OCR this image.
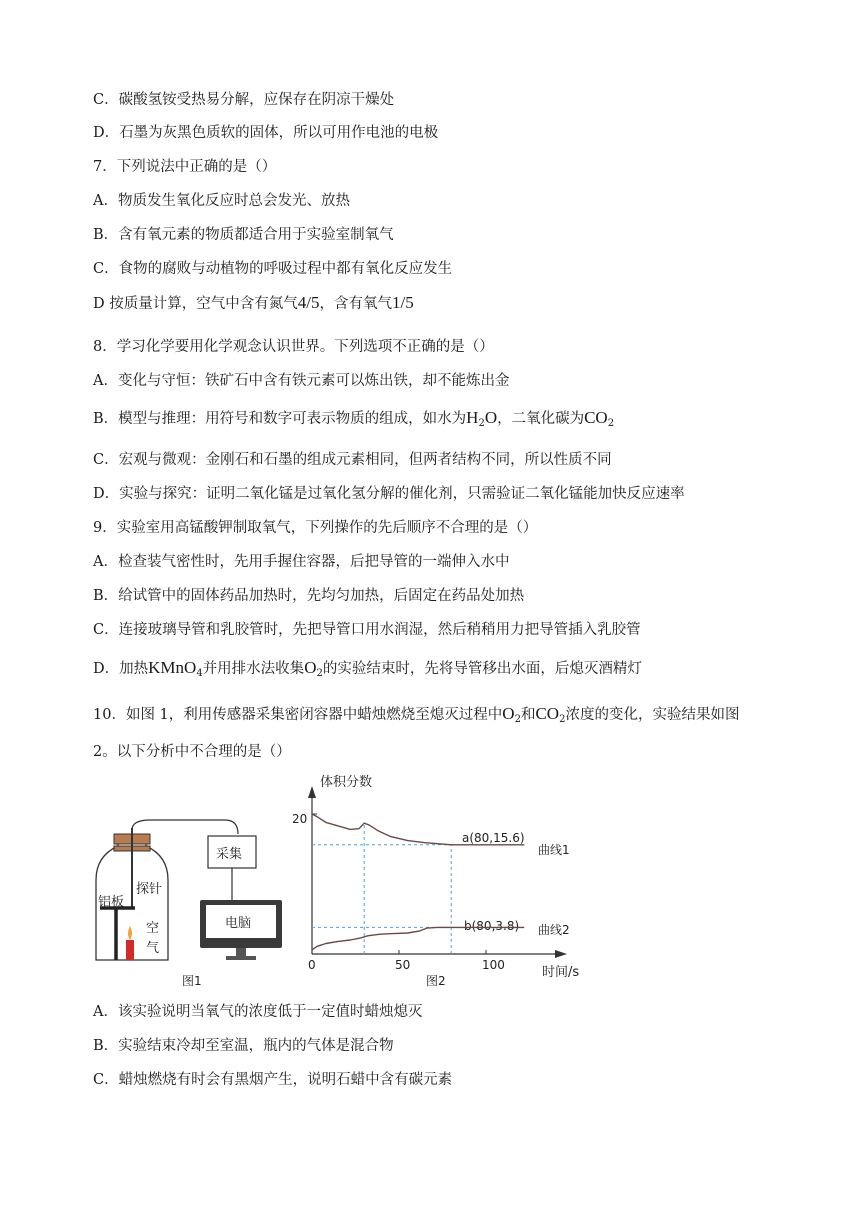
C．碳酸氢铵受热易分解，应保存在阴凉干燥处
D．石墨为灰黑色质软的固体，所以可用作电池的电极
7．下列说法中正确的是（）
A．物质发生氧化反应时总会发光、放热
B．含有氧元素的物质都适合用于实验室制氧气
C．食物的腐败与动植物的呼吸过程中都有氧化反应发生
D 按质量计算，空气中含有氮气4/5，含有氧气1/5
8．学习化学要用化学观念认识世界。下列选项不正确的是（）
A．变化与守恒：铁矿石中含有铁元素可以炼出铁，却不能炼出金
B．模型与推理：用符号和数字可表示物质的组成，如水为$H_2O$，二氧化碳为$CO_2$
C．宏观与微观：金刚石和石墨的组成元素相同，但两者结构不同，所以性质不同
D．实验与探究：证明二氧化锰是过氧化氢分解的催化剂，只需验证二氧化锰能加快反应速率
9．实验室用高锰酸钾制取氧气，下列操作的先后顺序不合理的是（）
A．检查装气密性时，先用手握住容器，后把导管的一端伸入水中
B．给试管中的固体药品加热时，先均匀加热，后固定在药品处加热
C．连接玻璃导管和乳胶管时，先把导管口用水润湿，然后稍稍用力把导管插入乳胶管
D．加热KMnO$_4$并用排水法收集$O_2$的实验结束时，先将导管移出水面，后熄灭酒精灯
10．如图 1，利用传感器采集密闭容器中蜡烛燃烧至熄灭过程中$O_2$和$CO_2$浓度的变化，实验结果如图
2。以下分析中不合理的是（）
铝板
探针
空
气
采集
电脑
图1
体积分数
时间/s
0	50	100
20
图2
a(80,15.6)
b(80,3.8)
曲线1
曲线2
A．该实验说明当氧气的浓度低于一定值时蜡烛熄灭
B．实验结束冷却至室温，瓶内的气体是混合物
C．蜡烛燃烧有时会有黑烟产生，说明石蜡中含有碳元素
